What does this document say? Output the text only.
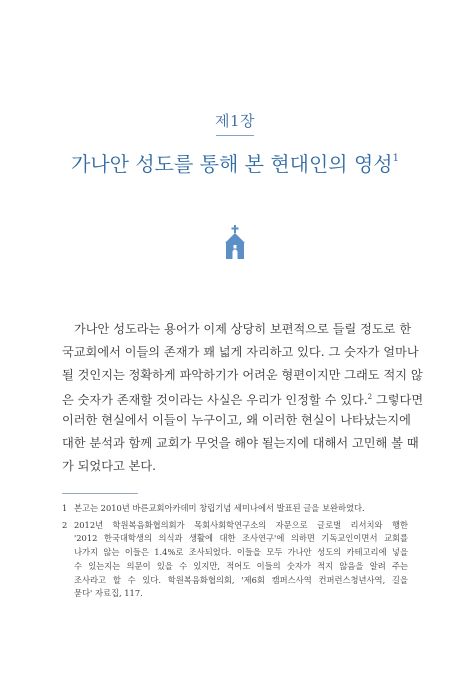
제1장
가나안 성도를 통해 본 현대인의 영성$^1$
가나안 성도라는 용어가 이제 상당히 보편적으로 들릴 정도로 한
국교회에서 이들의 존재가 꽤 넓게 자리하고 있다. 그 숫자가 얼마나
될 것인지는 정확하게 파악하기가 어려운 형편이지만 그래도 적지 않
은 숫자가 존재할 것이라는 사실은 우리가 인정할 수 있다.$^2$ 그렇다면
이러한 현실에서 이들이 누구이고, 왜 이러한 현실이 나타났는지에
대한 분석과 함께 교회가 무엇을 해야 될는지에 대해서 고민해 볼 때
가 되었다고 본다.
1 본고는 2010년 바른교회아카데미 창립기념 세미나에서 발표된 글을 보완하였다.
2 2012년 학원복음화협의회가 목회사회학연구소의 자문으로 글로벌 리서치와 행한
'2012 한국대학생의 의식과 생활에 대한 조사연구'에 의하면 기독교인이면서 교회를
나가지 않는 이들은 1.4%로 조사되었다. 이들을 모두 가나안 성도의 카테고리에 넣을
수 있는지는 의문이 있을 수 있지만, 적어도 이들의 숫자가 적지 않음을 알려 주는
조사라고 할 수 있다. 학원복음화협의회, '제6회 캠퍼스사역 컨퍼런스청년사역, 길을
묻다' 자료집, 117.
